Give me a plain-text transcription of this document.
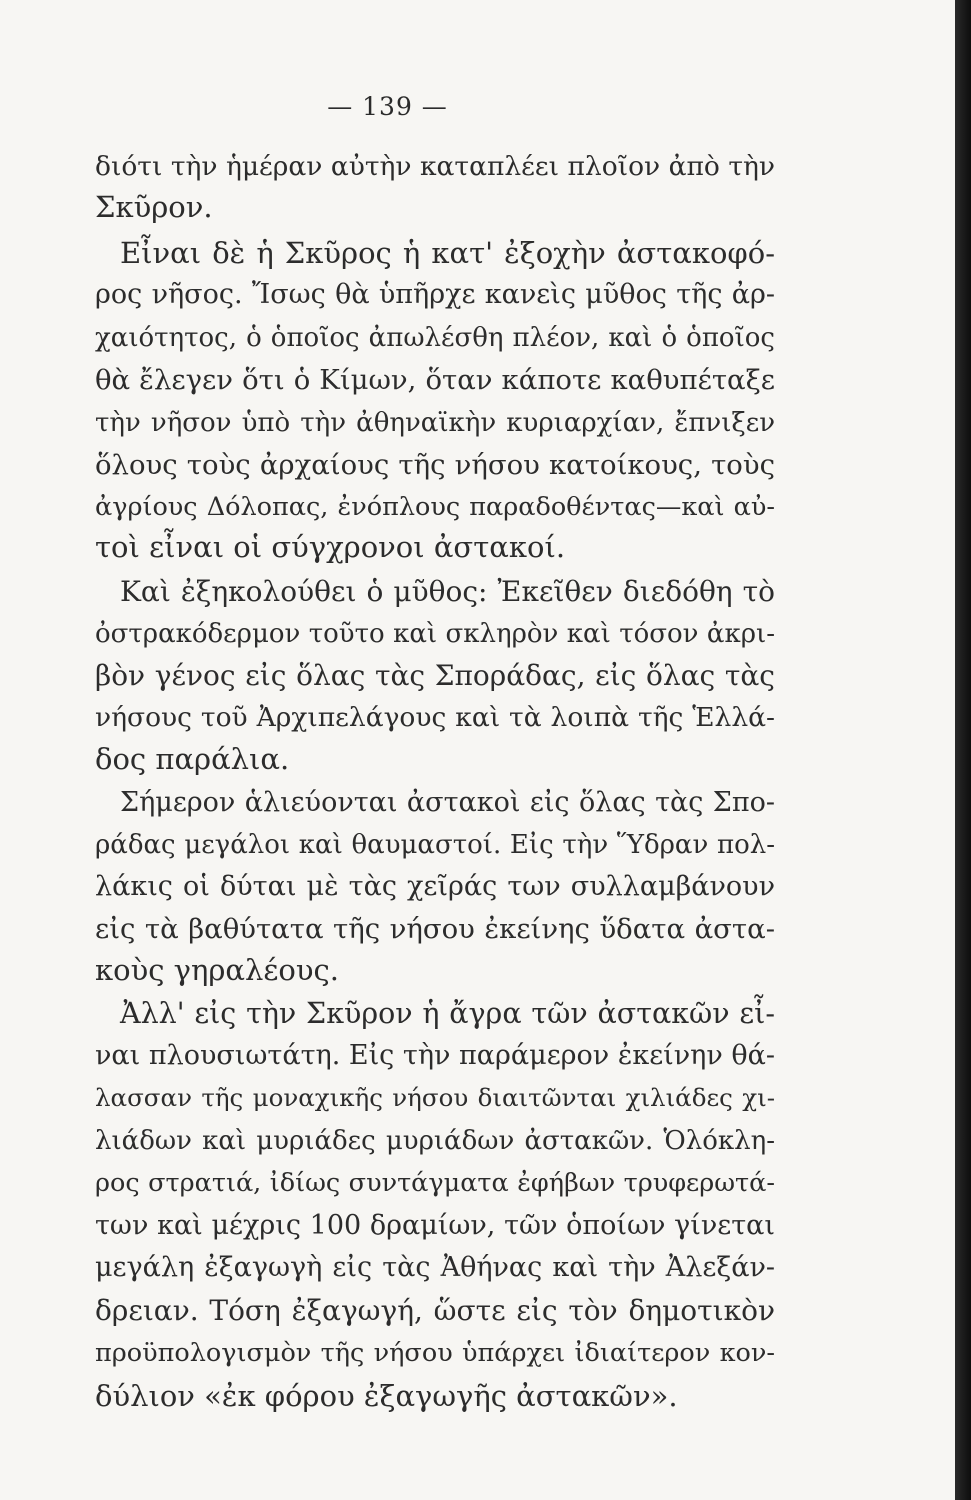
— 139 —
διότι τὴν ἡμέραν αὐτὴν καταπλέει πλοῖον ἀπὸ τὴν
Σκῦρον.
Εἶναι δὲ ἡ Σκῦρος ἡ κατ' ἐξοχὴν ἀστακοφό-
ρος νῆσος. Ἴσως θὰ ὑπῆρχε κανεὶς μῦθος τῆς ἀρ-
χαιότητος, ὁ ὁποῖος ἀπωλέσθη πλέον, καὶ ὁ ὁποῖος
θὰ ἔλεγεν ὅτι ὁ Κίμων, ὅταν κάποτε καθυπέταξε
τὴν νῆσον ὑπὸ τὴν ἀθηναϊκὴν κυριαρχίαν, ἔπνιξεν
ὅλους τοὺς ἀρχαίους τῆς νήσου κατοίκους, τοὺς
ἀγρίους Δόλοπας, ἐνόπλους παραδοθέντας—καὶ αὐ-
τοὶ εἶναι οἱ σύγχρονοι ἀστακοί.
Καὶ ἐξηκολούθει ὁ μῦθος: Ἐκεῖθεν διεδόθη τὸ
ὀστρακόδερμον τοῦτο καὶ σκληρὸν καὶ τόσον ἀκρι-
βὸν γένος εἰς ὅλας τὰς Σποράδας, εἰς ὅλας τὰς
νήσους τοῦ Ἀρχιπελάγους καὶ τὰ λοιπὰ τῆς Ἑλλά-
δος παράλια.
Σήμερον ἁλιεύονται ἀστακοὶ εἰς ὅλας τὰς Σπο-
ράδας μεγάλοι καὶ θαυμαστοί. Εἰς τὴν Ὕδραν πολ-
λάκις οἱ δύται μὲ τὰς χεῖράς των συλλαμβάνουν
εἰς τὰ βαθύτατα τῆς νήσου ἐκείνης ὕδατα ἀστα-
κοὺς γηραλέους.
Ἀλλ' εἰς τὴν Σκῦρον ἡ ἄγρα τῶν ἀστακῶν εἶ-
ναι πλουσιωτάτη. Εἰς τὴν παράμερον ἐκείνην θά-
λασσαν τῆς μοναχικῆς νήσου διαιτῶνται χιλιάδες χι-
λιάδων καὶ μυριάδες μυριάδων ἀστακῶν. Ὁλόκλη-
ρος στρατιά, ἰδίως συντάγματα ἐφήβων τρυφερωτά-
των καὶ μέχρις 100 δραμίων, τῶν ὁποίων γίνεται
μεγάλη ἐξαγωγὴ εἰς τὰς Ἀθήνας καὶ τὴν Ἀλεξάν-
δρειαν. Τόση ἐξαγωγή, ὥστε εἰς τὸν δημοτικὸν
προϋπολογισμὸν τῆς νήσου ὑπάρχει ἰδιαίτερον κον-
δύλιον «ἐκ φόρου ἐξαγωγῆς ἀστακῶν».
